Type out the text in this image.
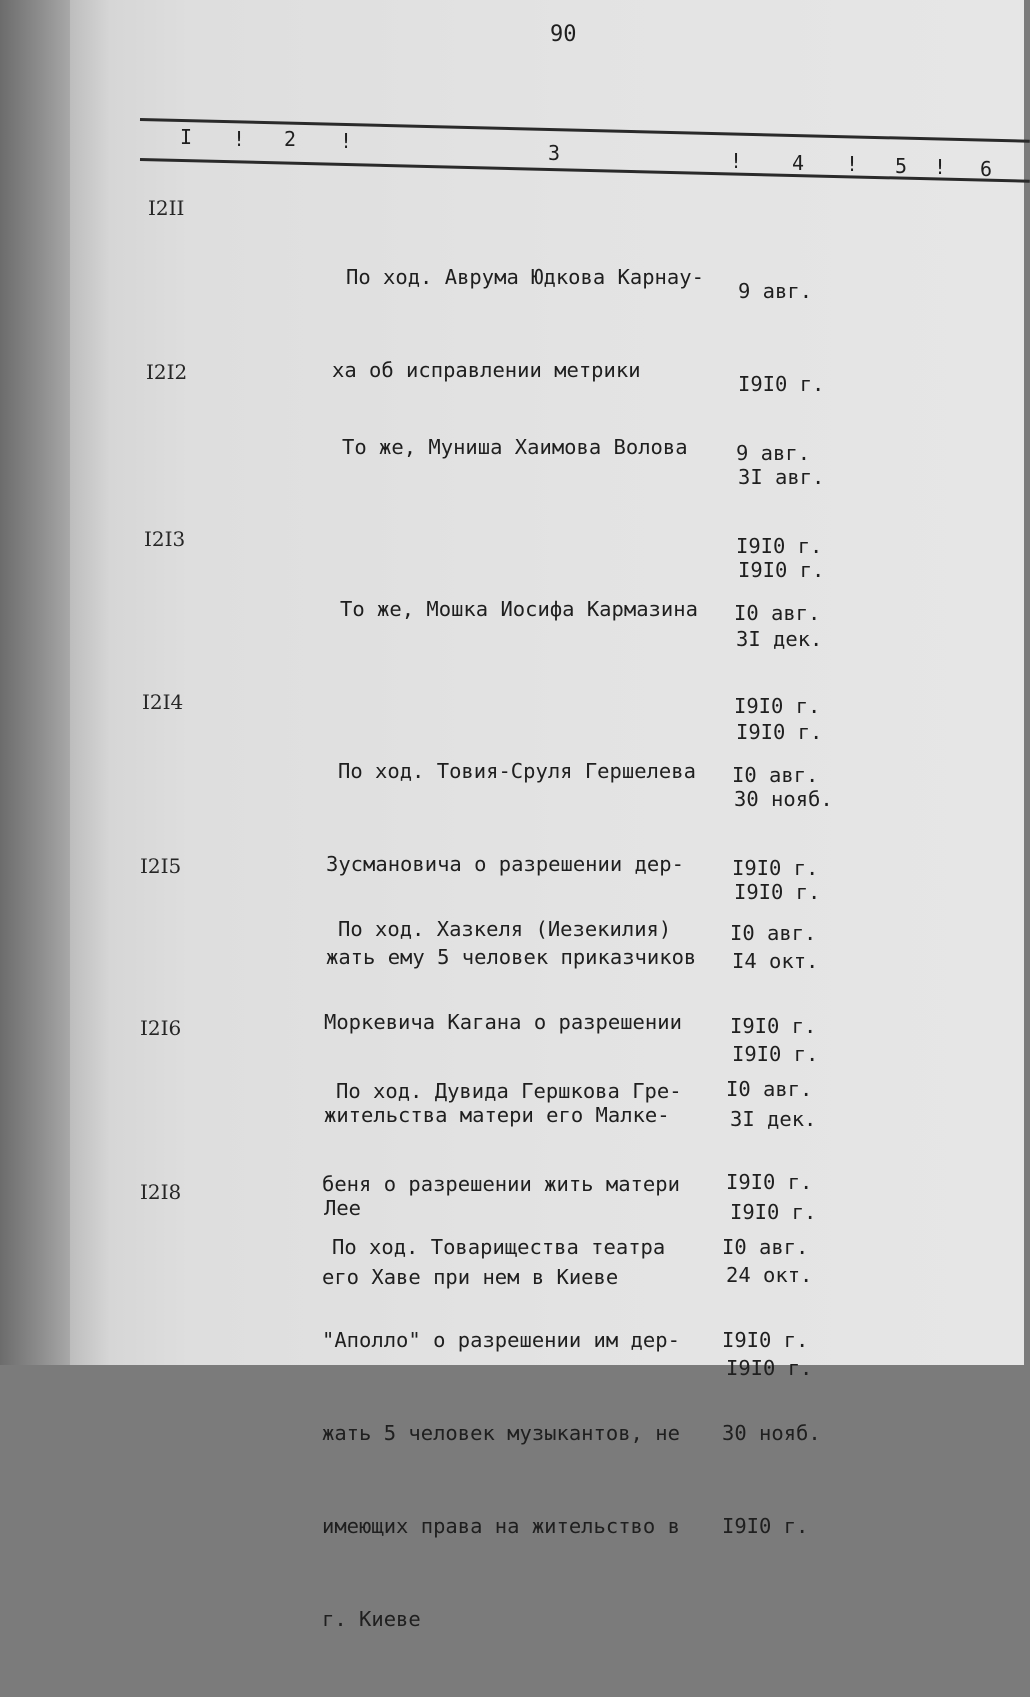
90
I ! 2 !	3	! 4 ! 5 ! 6
I2II

По ход. Аврума Юдкова Карнау-

ха об исправлении метрики

9 авг.

I9I0 г.

3I авг.

I9I0 г.

I2I2

То же, Муниша Хаимова Волова

9 авг.

I9I0 г.

3I дек.

I9I0 г.

I2I3

То же, Мошка Иосифа Кармазина

I0 авг.

I9I0 г.

30 нояб.

I9I0 г.

I2I4

По ход. Товия-Сруля Гершелева

Зусмановича о разрешении дер-

жать ему 5 человек приказчиков

I0 авг.

I9I0 г.

I4 окт.

I9I0 г.

I2I5

По ход. Хазкеля (Иезекилия)

Моркевича Кагана о разрешении

жительства матери его Малке-

Лее

I0 авг.

I9I0 г.

3I дек.

I9I0 г.

I2I6

По ход. Дувида Гершкова Гре-

беня о разрешении жить матери

его Хаве при нем в Киеве

I0 авг.

I9I0 г.

24 окт.

I9I0 г.

I2I8

По ход. Товарищества театра

"Аполло" о разрешении им дер-

жать 5 человек музыкантов, не

имеющих права на жительство в

г. Киеве

I0 авг.

I9I0 г.

30 нояб.

I9I0 г.
